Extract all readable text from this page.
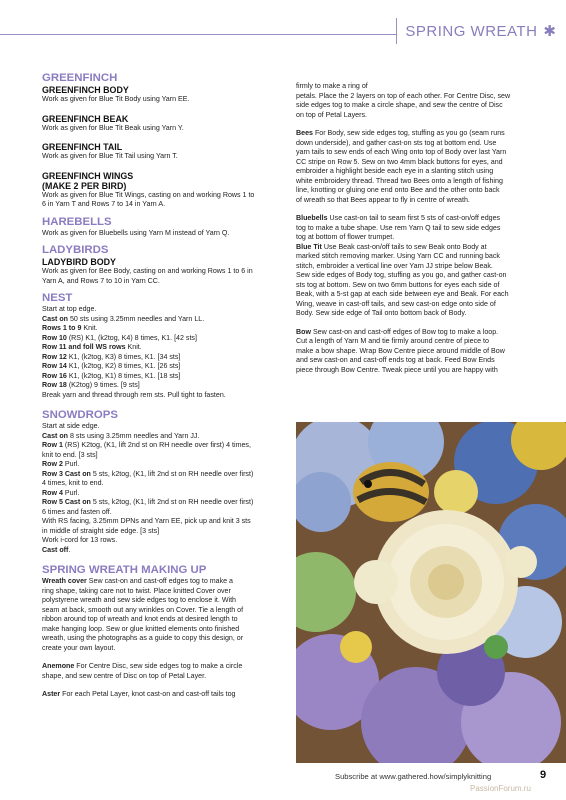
SPRING WREATH ✱

GREENFINCH

GREENFINCH BODY

Work as given for Blue Tit Body using Yarn EE.

GREENFINCH BEAK

Work as given for Blue Tit Beak using Yarn Y.

GREENFINCH TAIL

Work as given for Blue Tit Tail using Yarn T.

GREENFINCH WINGS

(MAKE 2 PER BIRD)

Work as given for Blue Tit Wings, casting on and working Rows 1 to

6 in Yarn T and Rows 7 to 14 in Yarn A.

HAREBELLS

Work as given for Bluebells using Yarn M instead of Yarn Q.

LADYBIRDS

LADYBIRD BODY

Work as given for Bee Body, casting on and working Rows 1 to 6 in

Yarn A, and Rows 7 to 10 in Yarn CC.

NEST

Start at top edge.

Cast on 50 sts using 3.25mm needles and Yarn LL.

Rows 1 to 9 Knit.

Row 10 (RS) K1, (k2tog, K4) 8 times, K1. [42 sts]

Row 11 and foll WS rows Knit.

Row 12 K1, (k2tog, K3) 8 times, K1. [34 sts]

Row 14 K1, (k2tog, K2) 8 times, K1. [26 sts]

Row 16 K1, (k2tog, K1) 8 times, K1. [18 sts]

Row 18 (K2tog) 9 times. [9 sts]

Break yarn and thread through rem sts. Pull tight to fasten.

SNOWDROPS

Start at side edge.

Cast on 8 sts using 3.25mm needles and Yarn JJ.

Row 1 (RS) K2tog, (K1, lift 2nd st on RH needle over first) 4 times,

knit to end. [3 sts]

Row 2 Purl.

Row 3 Cast on 5 sts, k2tog, (K1, lift 2nd st on RH needle over first)

4 times, knit to end.

Row 4 Purl.

Row 5 Cast on 5 sts, k2tog, (K1, lift 2nd st on RH needle over first)

6 times and fasten off.

With RS facing, 3.25mm DPNs and Yarn EE, pick up and knit 3 sts

in middle of straight side edge. [3 sts]

Work i-cord for 13 rows.

Cast off.

SPRING WREATH MAKING UP

Wreath cover Sew cast-on and cast-off edges tog to make a

ring shape, taking care not to twist. Place knitted Cover over

polystyrene wreath and sew side edges tog to enclose it. With

seam at back, smooth out any wrinkles on Cover. Tie a length of

ribbon around top of wreath and knot ends at desired length to

make hanging loop. Sew or glue knitted elements onto finished

wreath, using the photographs as a guide to copy this design, or

create your own layout.

Anemone For Centre Disc, sew side edges tog to make a circle

shape, and sew centre of Disc on top of Petal Layer.

Aster For each Petal Layer, knot cast-on and cast-off tails tog

firmly to make a ring of

petals. Place the 2 layers on top of each other. For Centre Disc, sew

side edges tog to make a circle shape, and sew the centre of Disc

on top of Petal Layers.

Bees For Body, sew side edges tog, stuffing as you go (seam runs

down underside), and gather cast-on sts tog at bottom end. Use

yarn tails to sew ends of each Wing onto top of Body over last Yarn

CC stripe on Row 5. Sew on two 4mm black buttons for eyes, and

embroider a highlight beside each eye in a slanting stitch using

white embroidery thread. Thread two Bees onto a length of fishing

line, knotting or gluing one end onto Bee and the other onto back

of wreath so that Bees appear to fly in centre of wreath.

Bluebells Use cast-on tail to seam first 5 sts of cast-on/off edges

tog to make a tube shape. Use rem Yarn Q tail to sew side edges

tog at bottom of flower trumpet.

Blue Tit Use Beak cast-on/off tails to sew Beak onto Body at

marked stitch removing marker. Using Yarn CC and running back

stitch, embroider a vertical line over Yarn JJ stripe below Beak.

Sew side edges of Body tog, stuffing as you go, and gather cast-on

sts tog at bottom. Sew on two 6mm buttons for eyes each side of

Beak, with a 5-st gap at each side between eye and Beak. For each

Wing, weave in cast-off tails, and sew cast-on edge onto side of

Body. Sew side edge of Tail onto bottom back of Body.

Bow Sew cast-on and cast-off edges of Bow tog to make a loop.

Cut a length of Yarn M and tie firmly around centre of piece to

make a bow shape. Wrap Bow Centre piece around middle of Bow

and sew cast-on and cast-off ends tog at back. Feed Bow Ends

piece through Bow Centre. Tweak piece until you are happy with

Subscribe at www.gathered.how/simplyknitting	9
PassionForum.ru
